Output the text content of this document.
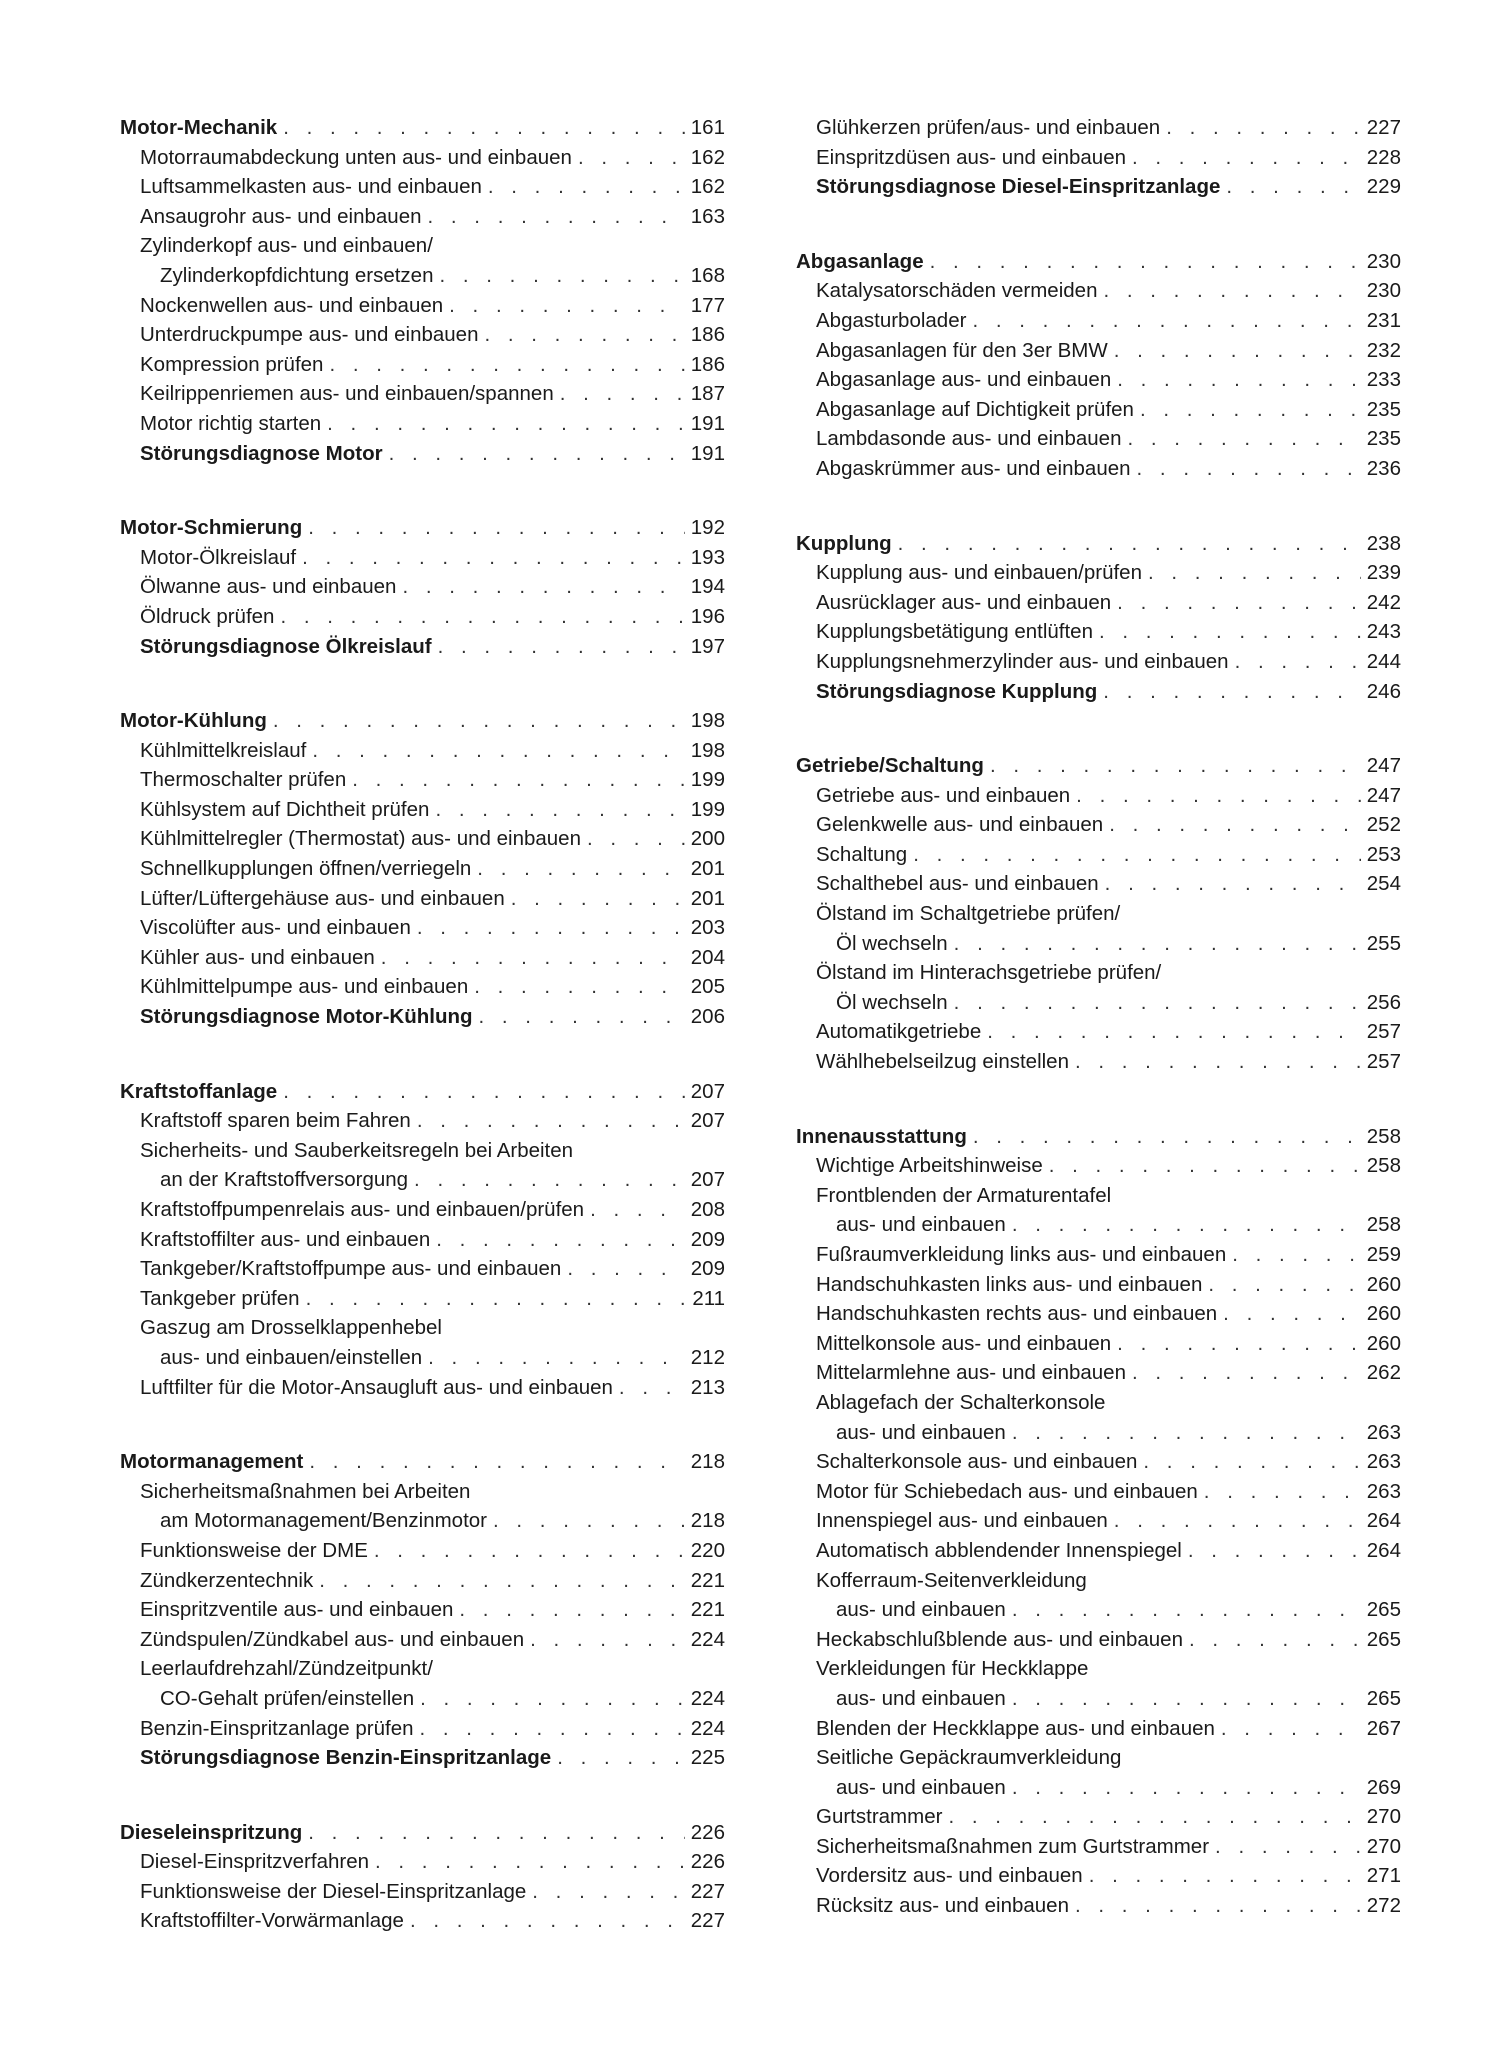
Motor-Mechanik . . .	161
Motorraumabdeckung unten aus- und einbauen . . .	162
Luftsammelkasten aus- und einbauen . . .	162
Ansaugrohr aus- und einbauen . . .	163
Zylinderkopf aus- und einbauen/
Zylinderkopfdichtung ersetzen . . .	168
Nockenwellen aus- und einbauen . . .	177
Unterdruckpumpe aus- und einbauen . . .	186
Kompression prüfen . . .	186
Keilrippenriemen aus- und einbauen/spannen . . .	187
Motor richtig starten . . .	191
Störungsdiagnose Motor . . .	191
Motor-Schmierung . . .	192
Motor-Ölkreislauf . . .	193
Ölwanne aus- und einbauen . . .	194
Öldruck prüfen . . .	196
Störungsdiagnose Ölkreislauf . . .	197
Motor-Kühlung . . .	198
Kühlmittelkreislauf . . .	198
Thermoschalter prüfen . . .	199
Kühlsystem auf Dichtheit prüfen . . .	199
Kühlmittelregler (Thermostat) aus- und einbauen . . .	200
Schnellkupplungen öffnen/verriegeln . . .	201
Lüfter/Lüftergehäuse aus- und einbauen . . .	201
Viscolüfter aus- und einbauen . . .	203
Kühler aus- und einbauen . . .	204
Kühlmittelpumpe aus- und einbauen . . .	205
Störungsdiagnose Motor-Kühlung . . .	206
Kraftstoffanlage . . .	207
Kraftstoff sparen beim Fahren . . .	207
Sicherheits- und Sauberkeitsregeln bei Arbeiten
an der Kraftstoffversorgung . . .	207
Kraftstoffpumpenrelais aus- und einbauen/prüfen . . .	208
Kraftstoffilter aus- und einbauen . . .	209
Tankgeber/Kraftstoffpumpe aus- und einbauen . . .	209
Tankgeber prüfen . . .	211
Gaszug am Drosselklappenhebel
aus- und einbauen/einstellen . . .	212
Luftfilter für die Motor-Ansaugluft aus- und einbauen . . .	213
Motormanagement . . .	218
Sicherheitsmaßnahmen bei Arbeiten
am Motormanagement/Benzinmotor . . .	218
Funktionsweise der DME . . .	220
Zündkerzentechnik . . .	221
Einspritzventile aus- und einbauen . . .	221
Zündspulen/Zündkabel aus- und einbauen . . .	224
Leerlaufdrehzahl/Zündzeitpunkt/
CO-Gehalt prüfen/einstellen . . .	224
Benzin-Einspritzanlage prüfen . . .	224
Störungsdiagnose Benzin-Einspritzanlage . . .	225
Dieseleinspritzung . . .	226
Diesel-Einspritzverfahren . . .	226
Funktionsweise der Diesel-Einspritzanlage . . .	227
Kraftstoffilter-Vorwärmanlage . . .	227
Glühkerzen prüfen/aus- und einbauen . . .	227
Einspritzdüsen aus- und einbauen . . .	228
Störungsdiagnose Diesel-Einspritzanlage . . .	229
Abgasanlage . . .	230
Katalysatorschäden vermeiden . . .	230
Abgasturbolader . . .	231
Abgasanlagen für den 3er BMW . . .	232
Abgasanlage aus- und einbauen . . .	233
Abgasanlage auf Dichtigkeit prüfen . . .	235
Lambdasonde aus- und einbauen . . .	235
Abgaskrümmer aus- und einbauen . . .	236
Kupplung . . .	238
Kupplung aus- und einbauen/prüfen . . .	239
Ausrücklager aus- und einbauen . . .	242
Kupplungsbetätigung entlüften . . .	243
Kupplungsnehmerzylinder aus- und einbauen . . .	244
Störungsdiagnose Kupplung . . .	246
Getriebe/Schaltung . . .	247
Getriebe aus- und einbauen . . .	247
Gelenkwelle aus- und einbauen . . .	252
Schaltung . . .	253
Schalthebel aus- und einbauen . . .	254
Ölstand im Schaltgetriebe prüfen/
Öl wechseln . . .	255
Ölstand im Hinterachsgetriebe prüfen/
Öl wechseln . . .	256
Automatikgetriebe . . .	257
Wählhebelseilzug einstellen . . .	257
Innenausstattung . . .	258
Wichtige Arbeitshinweise . . .	258
Frontblenden der Armaturentafel
aus- und einbauen . . .	258
Fußraumverkleidung links aus- und einbauen . . .	259
Handschuhkasten links aus- und einbauen . . .	260
Handschuhkasten rechts aus- und einbauen . . .	260
Mittelkonsole aus- und einbauen . . .	260
Mittelarmlehne aus- und einbauen . . .	262
Ablagefach der Schalterkonsole
aus- und einbauen . . .	263
Schalterkonsole aus- und einbauen . . .	263
Motor für Schiebedach aus- und einbauen . . .	263
Innenspiegel aus- und einbauen . . .	264
Automatisch abblendender Innenspiegel . . .	264
Kofferraum-Seitenverkleidung
aus- und einbauen . . .	265
Heckabschlußblende aus- und einbauen . . .	265
Verkleidungen für Heckklappe
aus- und einbauen . . .	265
Blenden der Heckklappe aus- und einbauen . . .	267
Seitliche Gepäckraumverkleidung
aus- und einbauen . . .	269
Gurtstrammer . . .	270
Sicherheitsmaßnahmen zum Gurtstrammer . . .	270
Vordersitz aus- und einbauen . . .	271
Rücksitz aus- und einbauen . . .	272
